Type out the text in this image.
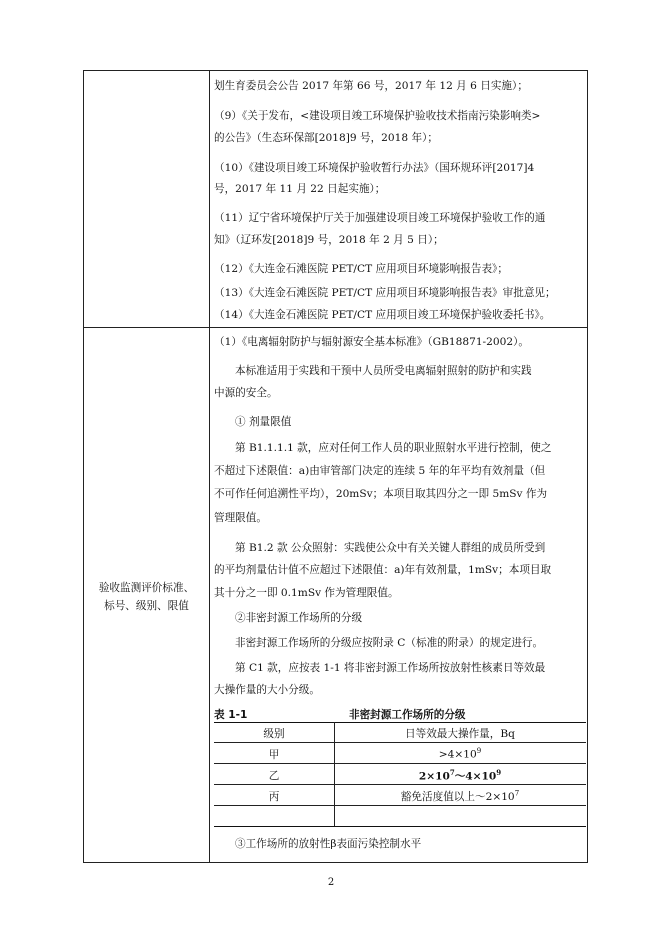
划生育委员会公告 2017 年第 66 号，2017 年 12 月 6 日实施）；
（9）《关于发布，<建设项目竣工环境保护验收技术指南污染影响类>
的公告》（生态环保部[2018]9 号，2018 年）；
（10）《建设项目竣工环境保护验收暂行办法》（国环规环评[2017]4
号，2017 年 11 月 22 日起实施）；
（11）辽宁省环境保护厅关于加强建设项目竣工环境保护验收工作的通
知》（辽环发[2018]9 号，2018 年 2 月 5 日）；
（12）《大连金石滩医院 PET/CT 应用项目环境影响报告表》；
（13）《大连金石滩医院 PET/CT 应用项目环境影响报告表》审批意见；
（14）《大连金石滩医院 PET/CT 应用项目竣工环境保护验收委托书》。
验收监测评价标准、
标号、级别、限值
（1）《电离辐射防护与辐射源安全基本标准》（GB18871-2002）。
本标准适用于实践和干预中人员所受电离辐射照射的防护和实践
中源的安全。
① 剂量限值
第 B1.1.1.1 款，应对任何工作人员的职业照射水平进行控制，使之
不超过下述限值：a)由审管部门决定的连续 5 年的年平均有效剂量（但
不可作任何追溯性平均），20mSv；本项目取其四分之一即 5mSv 作为
管理限值。
第 B1.2 款 公众照射：实践使公众中有关关键人群组的成员所受到
的平均剂量估计值不应超过下述限值：a)年有效剂量，1mSv；本项目取
其十分之一即 0.1mSv 作为管理限值。
②非密封源工作场所的分级
非密封源工作场所的分级应按附录 C（标准的附录）的规定进行。
第 C1 款，应按表 1-1 将非密封源工作场所按放射性核素日等效最
大操作量的大小分级。
表 1-1	非密封源工作场所的分级
级别	日等效最大操作量，Bq
甲	$>4\times 10^9$
乙	$2\times 10^7\sim 4\times 10^9$
丙	豁免活度值以上$\sim 2\times 10^7$
③工作场所的放射性β表面污染控制水平
2
